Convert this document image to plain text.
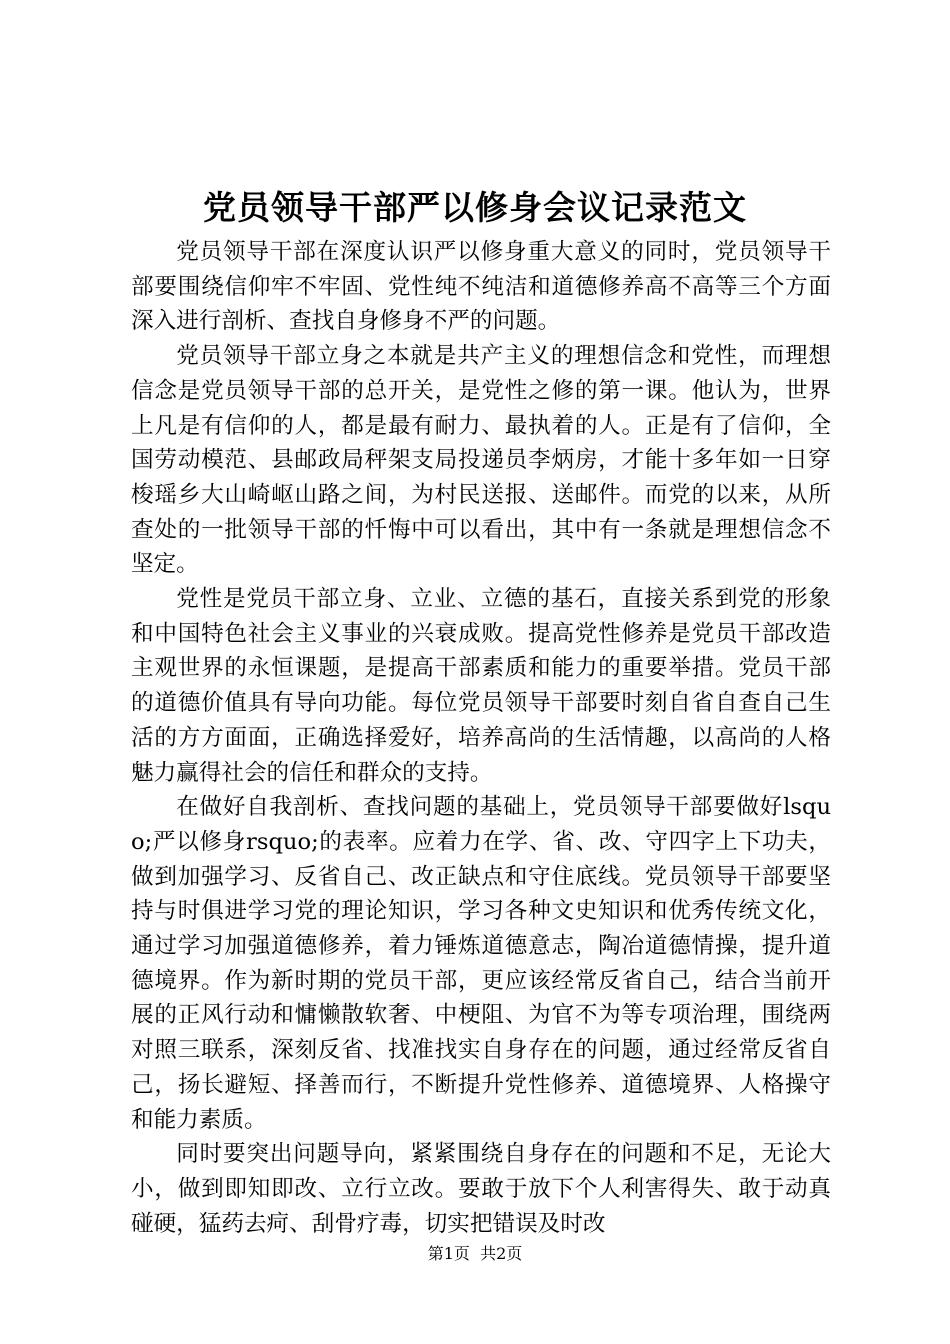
党员领导干部严以修身会议记录范文

党员领导干部在深度认识严以修身重大意义的同时，党员领导干部要围绕信仰牢不牢固、党性纯不纯洁和道德修养高不高等三个方面深入进行剖析、查找自身修身不严的问题。

党员领导干部立身之本就是共产主义的理想信念和党性，而理想信念是党员领导干部的总开关，是党性之修的第一课。他认为，世界上凡是有信仰的人，都是最有耐力、最执着的人。正是有了信仰，全国劳动模范、县邮政局秤架支局投递员李炳房，才能十多年如一日穿梭瑶乡大山崎岖山路之间，为村民送报、送邮件。而党的以来，从所查处的一批领导干部的忏悔中可以看出，其中有一条就是理想信念不坚定。

党性是党员干部立身、立业、立德的基石，直接关系到党的形象和中国特色社会主义事业的兴衰成败。提高党性修养是党员干部改造主观世界的永恒课题，是提高干部素质和能力的重要举措。党员干部的道德价值具有导向功能。每位党员领导干部要时刻自省自查自己生活的方方面面，正确选择爱好，培养高尚的生活情趣，以高尚的人格魅力赢得社会的信任和群众的支持。

在做好自我剖析、查找问题的基础上，党员领导干部要做好lsquo;严以修身rsquo;的表率。应着力在学、省、改、守四字上下功夫，做到加强学习、反省自己、改正缺点和守住底线。党员领导干部要坚持与时俱进学习党的理论知识，学习各种文史知识和优秀传统文化，通过学习加强道德修养，着力锤炼道德意志，陶冶道德情操，提升道德境界。作为新时期的党员干部，更应该经常反省自己，结合当前开展的正风行动和慵懒散软奢、中梗阻、为官不为等专项治理，围绕两对照三联系，深刻反省、找准找实自身存在的问题，通过经常反省自己，扬长避短、择善而行，不断提升党性修养、道德境界、人格操守和能力素质。

同时要突出问题导向，紧紧围绕自身存在的问题和不足，无论大小，做到即知即改、立行立改。要敢于放下个人利害得失、敢于动真碰硬，猛药去疴、刮骨疗毒，切实把错误及时改

第1页  共2页
